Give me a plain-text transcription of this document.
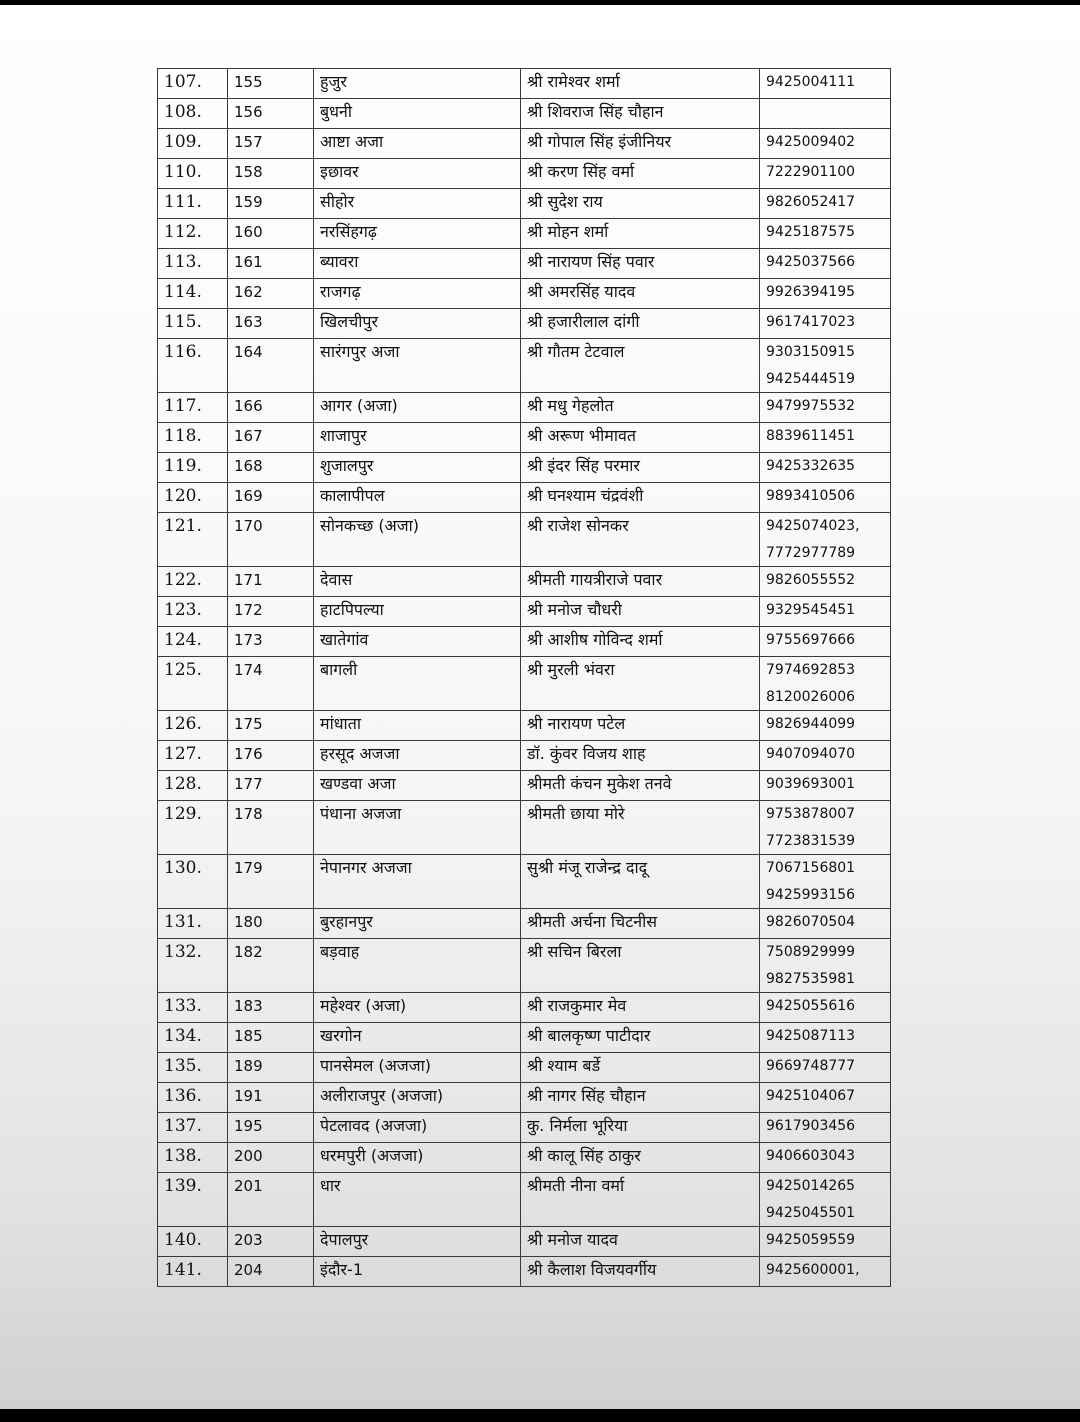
107.	155	हुजुर	श्री रामेश्वर शर्मा	9425004111

108.	156	बुधनी	श्री शिवराज सिंह चौहान	
109.	157	आष्टा अजा	श्री गोपाल सिंह इंजीनियर	9425009402

110.	158	इछावर	श्री करण सिंह वर्मा	7222901100

111.	159	सीहोर	श्री सुदेश राय	9826052417

112.	160	नरसिंहगढ़	श्री मोहन शर्मा	9425187575

113.	161	ब्यावरा	श्री नारायण सिंह पवार	9425037566

114.	162	राजगढ़	श्री अमरसिंह यादव	9926394195

115.	163	खिलचीपुर	श्री हजारीलाल दांगी	9617417023

116.	164	सारंगपुर अजा	श्री गौतम टेटवाल	9303150915
9425444519

117.	166	आगर (अजा)	श्री मधु गेहलोत	9479975532

118.	167	शाजापुर	श्री अरूण भीमावत	8839611451

119.	168	शुजालपुर	श्री इंदर सिंह परमार	9425332635

120.	169	कालापीपल	श्री घनश्याम चंद्रवंशी	9893410506

121.	170	सोनकच्छ (अजा)	श्री राजेश सोनकर	9425074023,
7772977789

122.	171	देवास	श्रीमती गायत्रीराजे पवार	9826055552

123.	172	हाटपिपल्या	श्री मनोज चौधरी	9329545451

124.	173	खातेगांव	श्री आशीष गोविन्द शर्मा	9755697666

125.	174	बागली	श्री मुरली भंवरा	7974692853
8120026006

126.	175	मांधाता	श्री नारायण पटेल	9826944099

127.	176	हरसूद अजजा	डॉ. कुंवर विजय शाह	9407094070

128.	177	खण्डवा अजा	श्रीमती कंचन मुकेश तनवे	9039693001

129.	178	पंधाना अजजा	श्रीमती छाया मोरे	9753878007
7723831539

130.	179	नेपानगर अजजा	सुश्री मंजू राजेन्द्र दादू	7067156801
9425993156

131.	180	बुरहानपुर	श्रीमती अर्चना चिटनीस	9826070504

132.	182	बड़वाह	श्री सचिन बिरला	7508929999
9827535981

133.	183	महेश्वर (अजा)	श्री राजकुमार मेव	9425055616

134.	185	खरगोन	श्री बालकृष्ण पाटीदार	9425087113

135.	189	पानसेमल (अजजा)	श्री श्याम बर्डे	9669748777

136.	191	अलीराजपुर (अजजा)	श्री नागर सिंह चौहान	9425104067

137.	195	पेटलावद (अजजा)	कु. निर्मला भूरिया	9617903456

138.	200	धरमपुरी (अजजा)	श्री कालू सिंह ठाकुर	9406603043

139.	201	धार	श्रीमती नीना वर्मा	9425014265
9425045501

140.	203	देपालपुर	श्री मनोज यादव	9425059559

141.	204	इंदौर-1	श्री कैलाश विजयवर्गीय	9425600001,
